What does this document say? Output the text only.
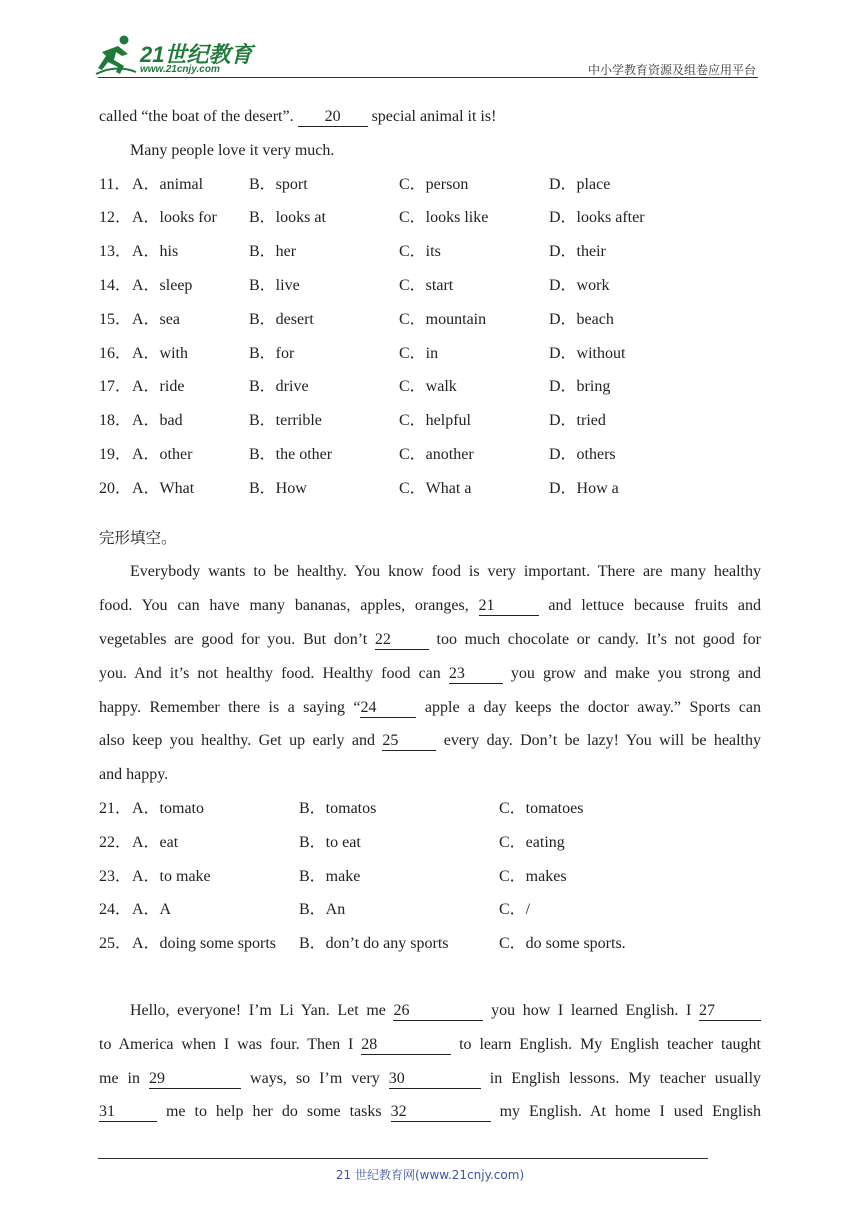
21世纪教育
www.21cnjy.com	中小学教育资源及组卷应用平台
called “the boat of the desert”. 20 special animal it is!
Many people love it very much.
11． A．animal	B．sport	C．person	D．place
12． A．looks for B．looks at	C．looks like	D．looks after
13． A．his	B．her	C．its	D．their
14． A．sleep	B．live	C．start	D．work
15． A．sea	B．desert	C．mountain	D．beach
16． A．with	B．for	C．in	D．without
17． A．ride	B．drive	C．walk	D．bring
18． A．bad	B．terrible	C．helpful	D．tried
19． A．other	B．the other	C．another	D．others
20． A．What	B．How	C．What a	D．How a
完形填空。
Everybody wants to be healthy. You know food is very important. There are many healthy
food. You can have many bananas, apples, oranges, 21	and lettuce because fruits and
vegetables are good for you. But don’t 22 too much chocolate or candy. It’s not good for
you. And it’s not healthy food. Healthy food can 23 you grow and make you strong and
happy. Remember there is a saying “24	apple a day keeps the doctor away.” Sports can
also keep you healthy. Get up early and 25 every day. Don’t be lazy! You will be healthy
and happy.
21． A．tomato	B．tomatos	C．tomatoes
22． A．eat	B．to eat	C．eating
23． A．to make	B．make	C．makes
24． A．A	B．An	C．/
25． A．doing some sports B．don’t do any sports	C．do some sports.
Hello, everyone! I’m Li Yan. Let me 26	you how I learned English. I 27
to America when I was four. Then I 28	to learn English. My English teacher taught
me in 29	ways, so I’m very 30	in English lessons. My teacher usually
31	me to help her do some tasks 32	my English. At home I used English
21 世纪教育网(www.21cnjy.com)
